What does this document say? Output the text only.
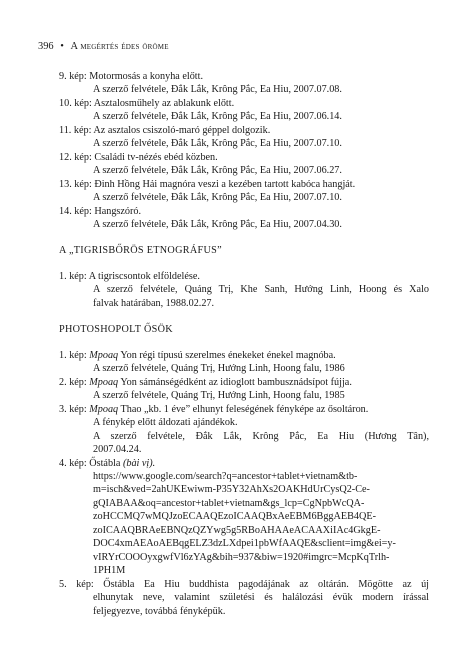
396 • A megértés édes öröme
9. kép: Motormosás a konyha előtt.
A szerző felvétele, Đắk Lắk, Krông Pắc, Ea Hiu, 2007.07.08.
10. kép: Asztalosműhely az ablakunk előtt.
A szerző felvétele, Đắk Lắk, Krông Pắc, Ea Hiu, 2007.06.14.
11. kép: Az asztalos csiszoló-maró géppel dolgozik.
A szerző felvétele, Đắk Lắk, Krông Pắc, Ea Hiu, 2007.07.10.
12. kép: Családi tv-nézés ebéd közben.
A szerző felvétele, Đắk Lắk, Krông Pắc, Ea Hiu, 2007.06.27.
13. kép: Đinh Hồng Hải magnóra veszi a kezében tartott kabóca hangját.
A szerző felvétele, Đắk Lắk, Krông Pắc, Ea Hiu, 2007.07.10.
14. kép: Hangszóró.
A szerző felvétele, Đắk Lắk, Krông Pắc, Ea Hiu, 2007.04.30.
A „TIGRISBŐRÖS ETNOGRÁFUS”
1. kép: A tigriscsontok elföldelése.
A szerző felvétele, Quảng Trị, Khe Sanh, Hướng Linh, Hoong és Xalo
falvak határában, 1988.02.27.
PHOTOSHOPOLT ŐSÖK
1. kép: Mpoaq Yon régi típusú szerelmes énekeket énekel magnóba.
A szerző felvétele, Quảng Trị, Hướng Linh, Hoong falu, 1986
2. kép: Mpoaq Yon sámánségédként az idioglott bambusznádsípot fújja.
A szerző felvétele, Quảng Trị, Hướng Linh, Hoong falu, 1985
3. kép: Mpoaq Thao „kb. 1 éve” elhunyt feleségének fényképe az ősoltáron.
A fénykép előtt áldozati ajándékok.
A szerző felvétele, Đắk Lắk, Krông Pắc, Ea Hiu (Hương Tân),
2007.04.24.
4. kép: Őstábla (bài vị).
https://www.google.com/search?q=ancestor+tablet+vietnam&tb-
m=isch&ved=2ahUKEwiwm-P35Y32AhXs2OAKHdUrCysQ2-Ce-
gQIABAA&oq=ancestor+tablet+vietnam&gs_lcp=CgNpbWcQA-
zoHCCMQ7wMQJzoECAAQEzoICAAQBxAeEBM6BggAEB4QE-
zoICAAQBRAeEBNQzQZYwg5g5RBoAHAAeACAAXiIAc4GkgE-
DOC4xmAEAoAEBqgELZ3dzLXdpei1pbWfAAQE&sclient=img&ei=y-
vIRYrCOOOyxgwfVl6zYAg&bih=937&biw=1920#imgrc=McpKqTrlh-
1PH1M
5. kép: Őstábla Ea Hiu buddhista pagodájának az oltárán. Mögötte az új
elhunytak neve, valamint születési és halálozási évük modern írással
feljegyezve, továbbá fényképük.
